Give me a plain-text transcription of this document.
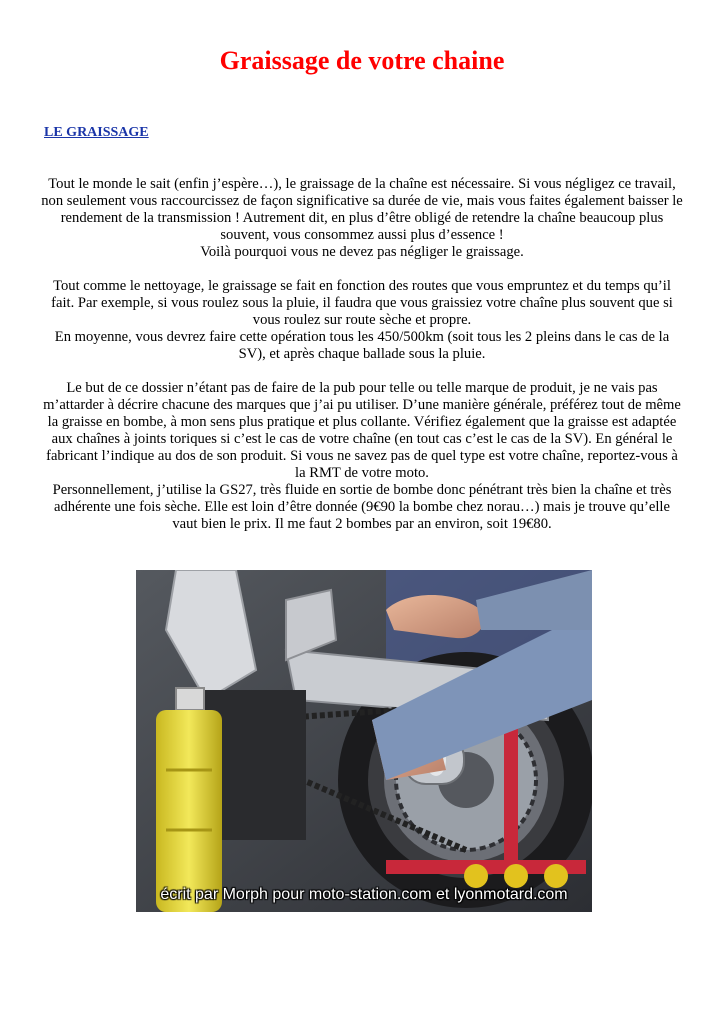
Graissage de votre chaine
LE GRAISSAGE

Tout le monde le sait (enfin j’espère…), le graissage de la chaîne est nécessaire. Si vous négligez ce travail, non seulement vous raccourcissez de façon significative sa durée de vie, mais vous faites également baisser le rendement de la transmission ! Autrement dit, en plus d’être obligé de retendre la chaîne beaucoup plus souvent, vous consommez aussi plus d’essence !
Voilà pourquoi vous ne devez pas négliger le graissage.

Tout comme le nettoyage, le graissage se fait en fonction des routes que vous empruntez et du temps qu’il fait. Par exemple, si vous roulez sous la pluie, il faudra que vous graissiez votre chaîne plus souvent que si vous roulez sur route sèche et propre.
En moyenne, vous devrez faire cette opération tous les 450/500km (soit tous les 2 pleins dans le cas de la SV), et après chaque ballade sous la pluie.

Le but de ce dossier n’étant pas de faire de la pub pour telle ou telle marque de produit, je ne vais pas m’attarder à décrire chacune des marques que j’ai pu utiliser. D’une manière générale, préférez tout de même la graisse en bombe, à mon sens plus pratique et plus collante. Vérifiez également que la graisse est adaptée aux chaînes à joints toriques si c’est le cas de votre chaîne (en tout cas c’est le cas de la SV). En général le fabricant l’indique au dos de son produit. Si vous ne savez pas de quel type est votre chaîne, reportez-vous à la RMT de votre moto.
Personnellement, j’utilise la GS27, très fluide en sortie de bombe donc pénétrant très bien la chaîne et très adhérente une fois sèche. Elle est loin d’être donnée (9€90 la bombe chez norau…) mais je trouve qu’elle vaut bien le prix. Il me faut 2 bombes par an environ, soit 19€80.

écrit par Morph pour moto-station.com et lyonmotard.com
